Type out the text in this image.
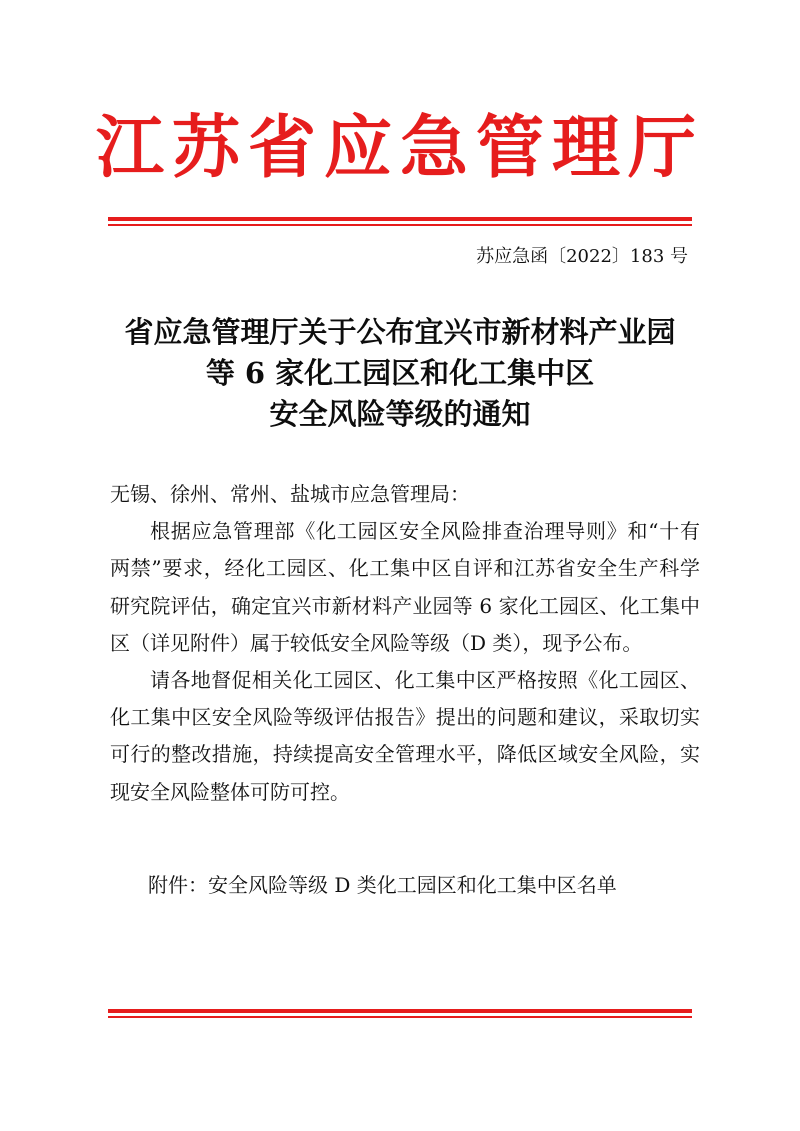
江苏省应急管理厅
苏应急函〔2022〕183 号
省应急管理厅关于公布宜兴市新材料产业园
等 6 家化工园区和化工集中区
安全风险等级的通知

无锡、徐州、常州、盐城市应急管理局：

根据应急管理部《化工园区安全风险排查治理导则》和“十有两禁”要求，经化工园区、化工集中区自评和江苏省安全生产科学研究院评估，确定宜兴市新材料产业园等 6 家化工园区、化工集中区（详见附件）属于较低安全风险等级（D 类），现予公布。

请各地督促相关化工园区、化工集中区严格按照《化工园区、化工集中区安全风险等级评估报告》提出的问题和建议，采取切实可行的整改措施，持续提高安全管理水平，降低区域安全风险，实现安全风险整体可防可控。

附件：安全风险等级 D 类化工园区和化工集中区名单
